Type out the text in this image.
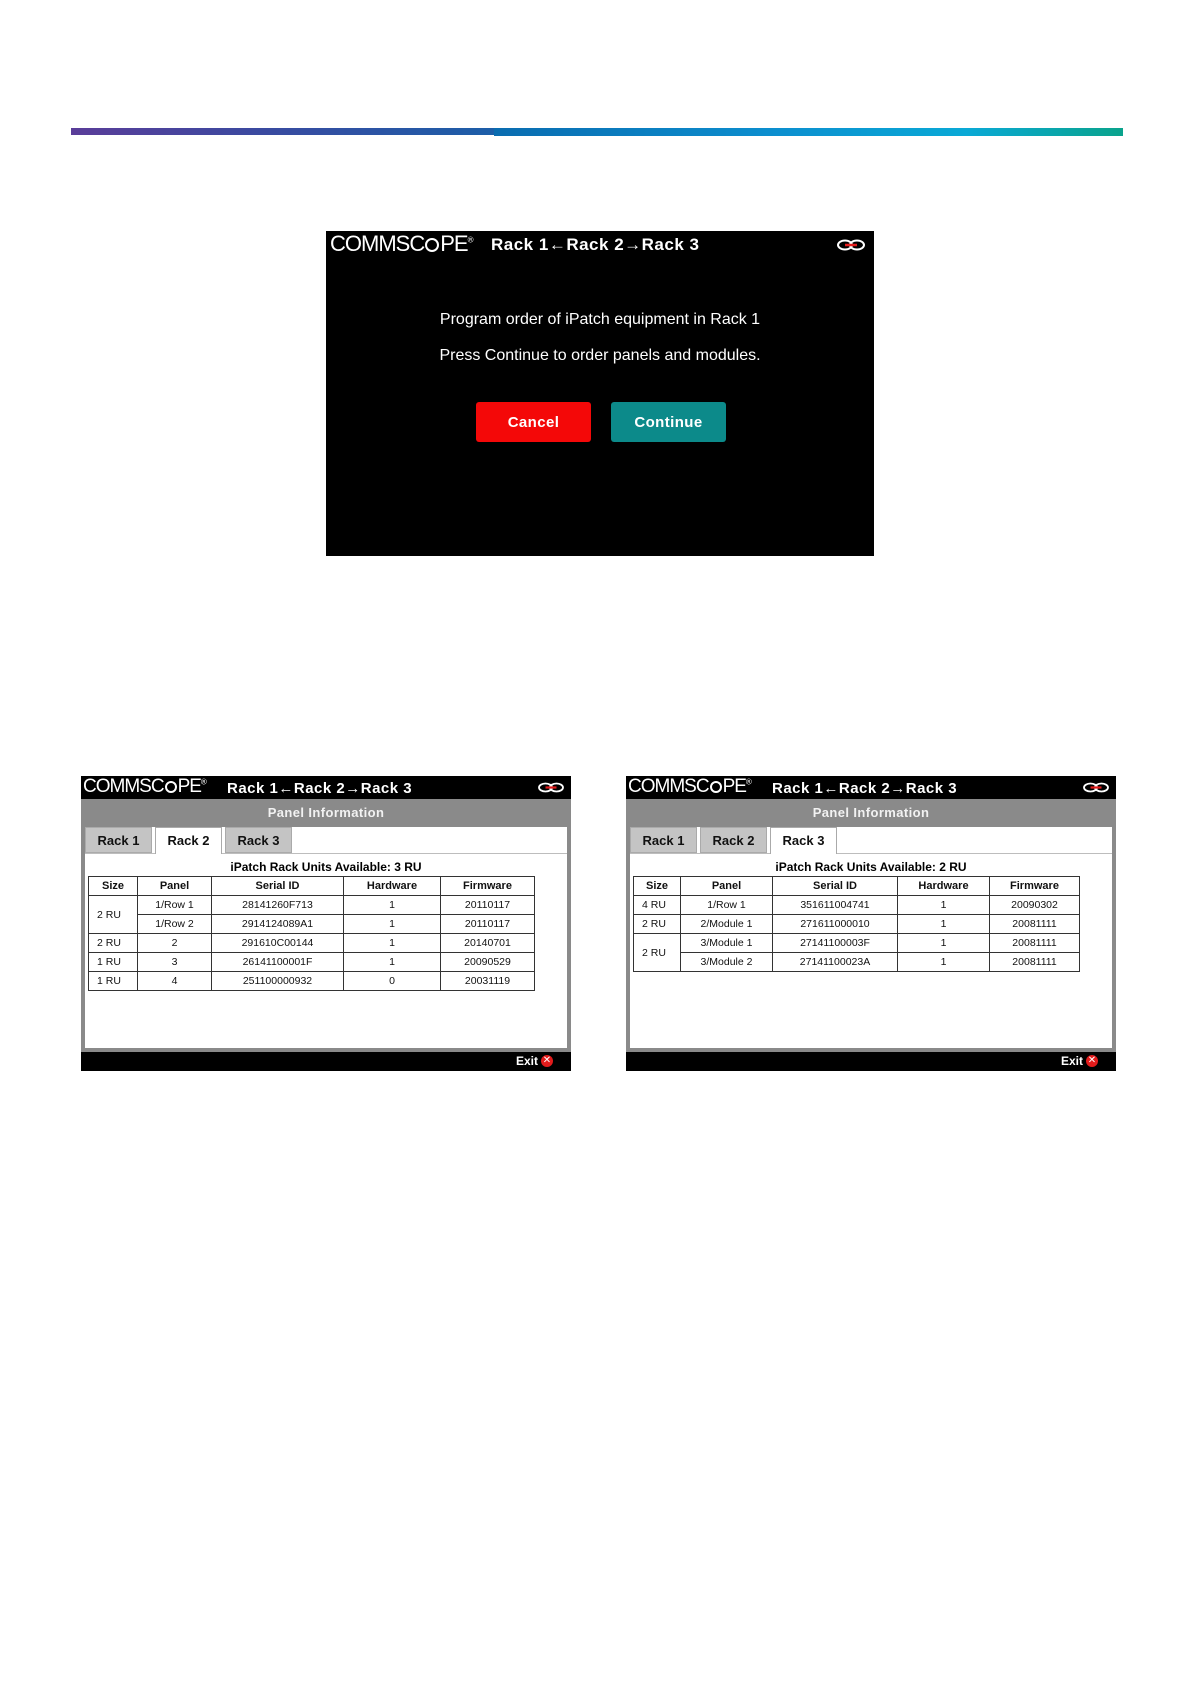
COMMSC PE® Rack 1←Rack 2→Rack 3
Program order of iPatch equipment in Rack 1
Press Continue to order panels and modules.
Cancel	Continue
COMMSC PE® Rack 1←Rack 2→Rack 3
Panel Information
Rack 1	Rack 2	Rack 3
iPatch Rack Units Available: 3 RU
Size	Panel	Serial ID	Hardware	Firmware
2 RU	1/Row 1	28141260F713	1	20110117
	1/Row 2	2914124089A1	1	20110117
2 RU	2	291610C00144	1	20140701
1 RU	3	26141100001F	1	20090529
1 RU	4	251100000932	0	20031119
Exit ✕
COMMSC PE® Rack 1←Rack 2→Rack 3
Panel Information
Rack 1	Rack 2	Rack 3
iPatch Rack Units Available: 2 RU
Size	Panel	Serial ID	Hardware	Firmware
4 RU	1/Row 1	351611004741	1	20090302
2 RU	2/Module 1	271611000010	1	20081111
2 RU	3/Module 1	27141100003F	1	20081111
	3/Module 2	27141100023A	1	20081111
Exit ✕
